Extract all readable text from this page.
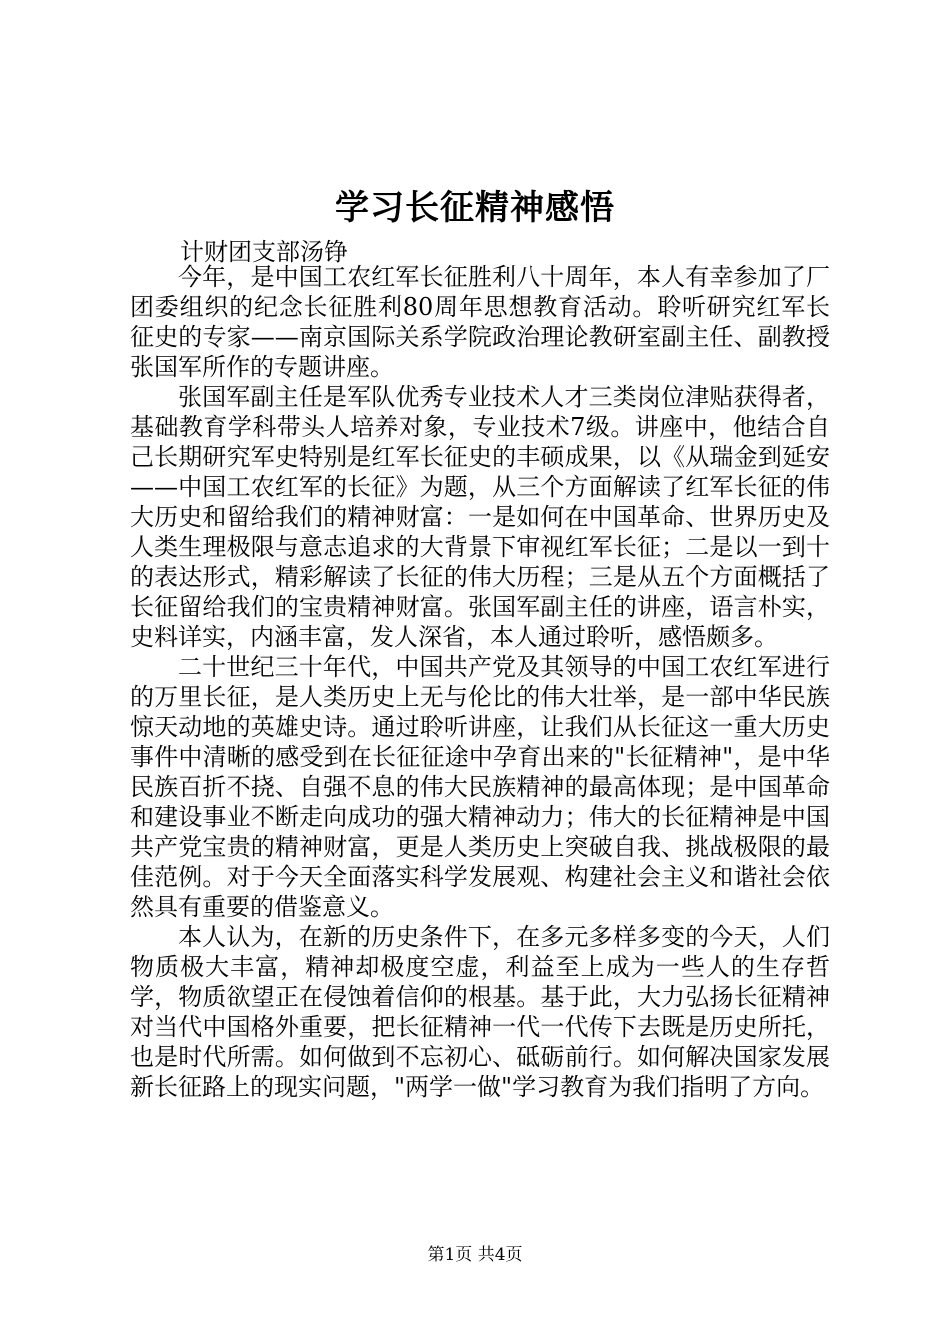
学习长征精神感悟
计财团支部汤铮

今年，是中国工农红军长征胜利八十周年，本人有幸参加了厂团委组织的纪念长征胜利80周年思想教育活动。聆听研究红军长征史的专家——南京国际关系学院政治理论教研室副主任、副教授张国军所作的专题讲座。

张国军副主任是军队优秀专业技术人才三类岗位津贴获得者，基础教育学科带头人培养对象，专业技术7级。讲座中，他结合自己长期研究军史特别是红军长征史的丰硕成果，以《从瑞金到延安——中国工农红军的长征》为题，从三个方面解读了红军长征的伟大历史和留给我们的精神财富：一是如何在中国革命、世界历史及人类生理极限与意志追求的大背景下审视红军长征；二是以一到十的表达形式，精彩解读了长征的伟大历程；三是从五个方面概括了长征留给我们的宝贵精神财富。张国军副主任的讲座，语言朴实，史料详实，内涵丰富，发人深省，本人通过聆听，感悟颇多。

二十世纪三十年代，中国共产党及其领导的中国工农红军进行的万里长征，是人类历史上无与伦比的伟大壮举，是一部中华民族惊天动地的英雄史诗。通过聆听讲座，让我们从长征这一重大历史事件中清晰的感受到在长征征途中孕育出来的"长征精神"，是中华民族百折不挠、自强不息的伟大民族精神的最高体现；是中国革命和建设事业不断走向成功的强大精神动力；伟大的长征精神是中国共产党宝贵的精神财富，更是人类历史上突破自我、挑战极限的最佳范例。对于今天全面落实科学发展观、构建社会主义和谐社会依然具有重要的借鉴意义。

本人认为，在新的历史条件下，在多元多样多变的今天，人们物质极大丰富，精神却极度空虚，利益至上成为一些人的生存哲学，物质欲望正在侵蚀着信仰的根基。基于此，大力弘扬长征精神对当代中国格外重要，把长征精神一代一代传下去既是历史所托，也是时代所需。如何做到不忘初心、砥砺前行。如何解决国家发展新长征路上的现实问题，"两学一做"学习教育为我们指明了方向。

第1页 共4页
